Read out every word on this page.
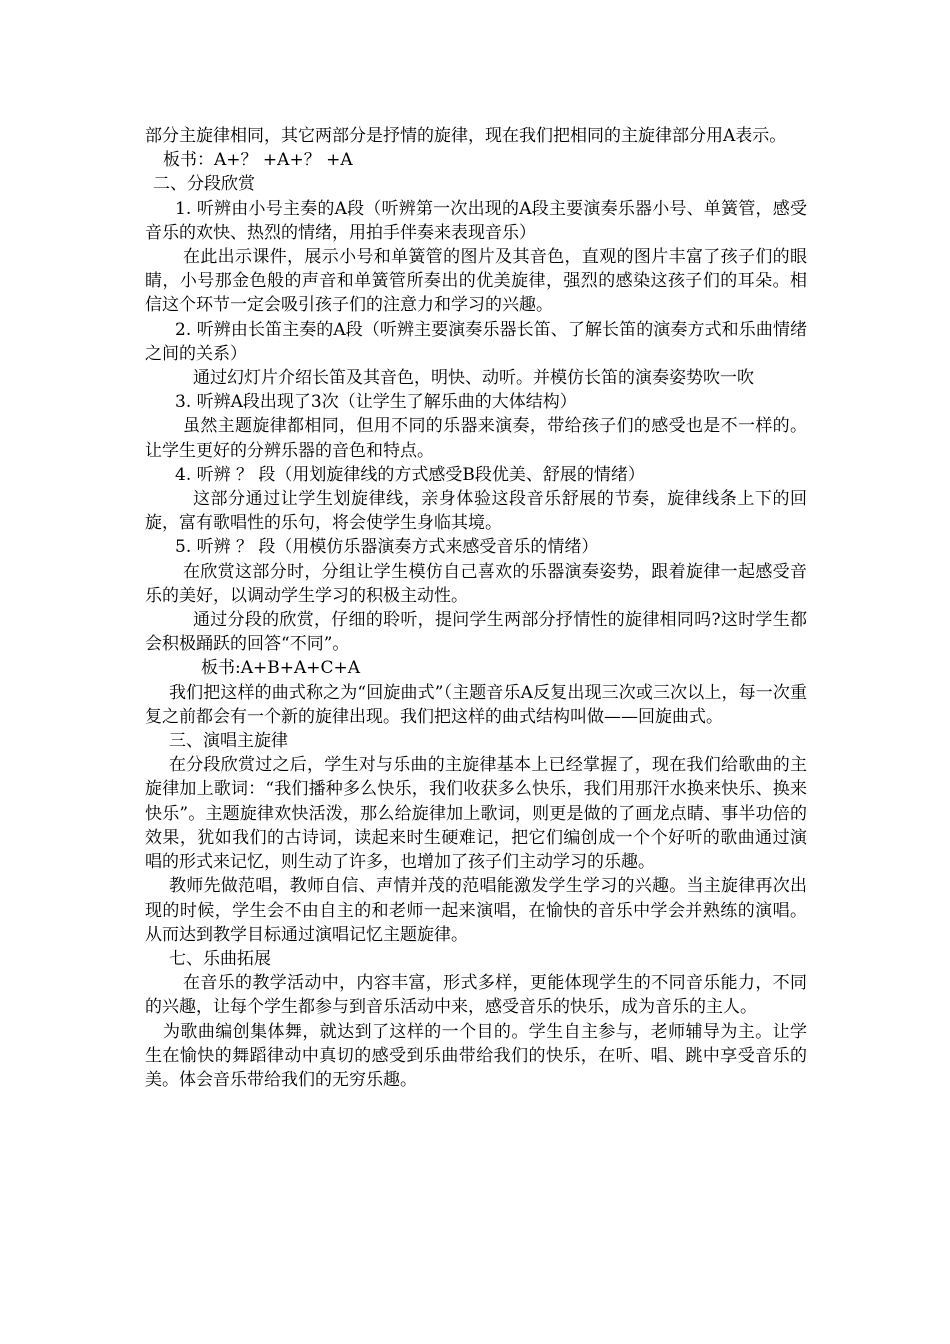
部分主旋律相同，其它两部分是抒情的旋律，现在我们把相同的主旋律部分用A表示。

板书：A+？ +A+？ +A

二、分段欣赏

1. 听辨由小号主奏的A段（听辨第一次出现的A段主要演奏乐器小号、单簧管，感受音乐的欢快、热烈的情绪，用拍手伴奏来表现音乐）

在此出示课件，展示小号和单簧管的图片及其音色，直观的图片丰富了孩子们的眼睛，小号那金色般的声音和单簧管所奏出的优美旋律，强烈的感染这孩子们的耳朵。相信这个环节一定会吸引孩子们的注意力和学习的兴趣。

2. 听辨由长笛主奏的A段（听辨主要演奏乐器长笛、了解长笛的演奏方式和乐曲情绪之间的关系）

通过幻灯片介绍长笛及其音色，明快、动听。并模仿长笛的演奏姿势吹一吹

3. 听辨A段出现了3次（让学生了解乐曲的大体结构）

虽然主题旋律都相同，但用不同的乐器来演奏，带给孩子们的感受也是不一样的。让学生更好的分辨乐器的音色和特点。

4. 听辨 ？ 段（用划旋律线的方式感受B段优美、舒展的情绪）

这部分通过让学生划旋律线，亲身体验这段音乐舒展的节奏，旋律线条上下的回旋，富有歌唱性的乐句，将会使学生身临其境。

5. 听辨 ？ 段（用模仿乐器演奏方式来感受音乐的情绪）

在欣赏这部分时，分组让学生模仿自己喜欢的乐器演奏姿势，跟着旋律一起感受音乐的美好，以调动学生学习的积极主动性。

通过分段的欣赏，仔细的聆听，提问学生两部分抒情性的旋律相同吗?这时学生都会积极踊跃的回答“不同”。

板书:A+B+A+C+A

我们把这样的曲式称之为“回旋曲式”（主题音乐A反复出现三次或三次以上，每一次重复之前都会有一个新的旋律出现。我们把这样的曲式结构叫做——回旋曲式。

三、演唱主旋律

在分段欣赏过之后，学生对与乐曲的主旋律基本上已经掌握了，现在我们给歌曲的主旋律加上歌词：“我们播种多么快乐，我们收获多么快乐，我们用那汗水换来快乐、换来快乐”。主题旋律欢快活泼，那么给旋律加上歌词，则更是做的了画龙点睛、事半功倍的效果，犹如我们的古诗词，读起来时生硬难记，把它们编创成一个个好听的歌曲通过演唱的形式来记忆，则生动了许多，也增加了孩子们主动学习的乐趣。

教师先做范唱，教师自信、声情并茂的范唱能激发学生学习的兴趣。当主旋律再次出现的时候，学生会不由自主的和老师一起来演唱，在愉快的音乐中学会并熟练的演唱。从而达到教学目标通过演唱记忆主题旋律。

七、乐曲拓展

在音乐的教学活动中，内容丰富，形式多样，更能体现学生的不同音乐能力，不同的兴趣，让每个学生都参与到音乐活动中来，感受音乐的快乐，成为音乐的主人。

为歌曲编创集体舞，就达到了这样的一个目的。学生自主参与，老师辅导为主。让学生在愉快的舞蹈律动中真切的感受到乐曲带给我们的快乐，在听、唱、跳中享受音乐的美。体会音乐带给我们的无穷乐趣。
